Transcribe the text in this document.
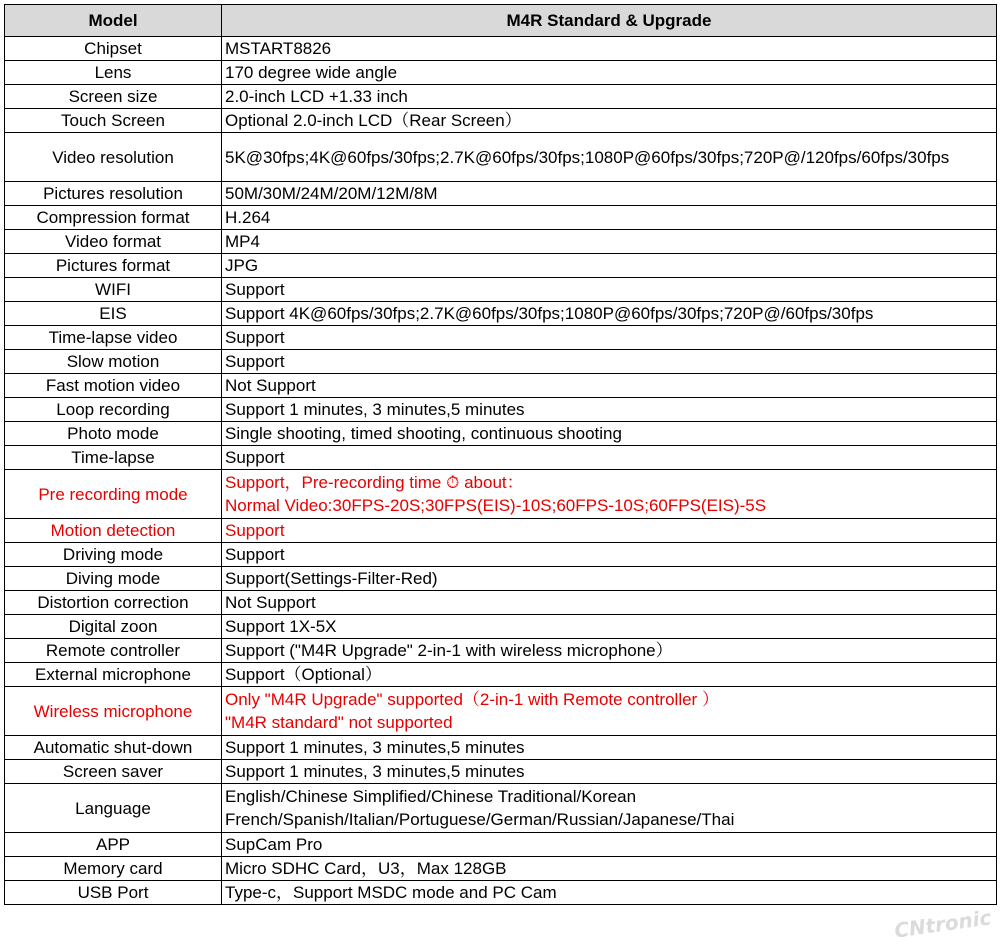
Model	M4R Standard & Upgrade
Chipset	MSTART8826
Lens	170 degree wide angle
Screen size	2.0-inch LCD +1.33 inch
Touch Screen	Optional 2.0-inch LCD（Rear Screen）
Video resolution	5K@30fps;4K@60fps/30fps;2.7K@60fps/30fps;1080P@60fps/30fps;720P@/120fps/60fps/30fps
Pictures resolution	50M/30M/24M/20M/12M/8M
Compression format	H.264
Video format	MP4
Pictures format	JPG
WIFI	Support
EIS	Support 4K@60fps/30fps;2.7K@60fps/30fps;1080P@60fps/30fps;720P@/60fps/30fps
Time-lapse video	Support
Slow motion	Support
Fast motion video	Not Support
Loop recording	Support 1 minutes, 3 minutes,5 minutes
Photo mode	Single shooting, timed shooting, continuous shooting
Time-lapse	Support
Pre recording mode	Support，Pre-recording time ⏱ about：
Normal Video:30FPS-20S;30FPS(EIS)-10S;60FPS-10S;60FPS(EIS)-5S
Motion detection	Support
Driving mode	Support
Diving mode	Support(Settings-Filter-Red)
Distortion correction	Not Support
Digital zoon	Support 1X-5X
Remote controller	Support ("M4R Upgrade" 2-in-1 with wireless microphone）
External microphone	Support（Optional）
Wireless microphone	Only "M4R Upgrade" supported（2-in-1 with Remote controller ）
"M4R standard" not supported
Automatic shut-down	Support 1 minutes, 3 minutes,5 minutes
Screen saver	Support 1 minutes, 3 minutes,5 minutes
Language	English/Chinese Simplified/Chinese Traditional/Korean
French/Spanish/Italian/Portuguese/German/Russian/Japanese/Thai
APP	SupCam Pro
Memory card	Micro SDHC Card，U3，Max 128GB
USB Port	Type-c，Support MSDC mode and PC Cam
CNtronic
